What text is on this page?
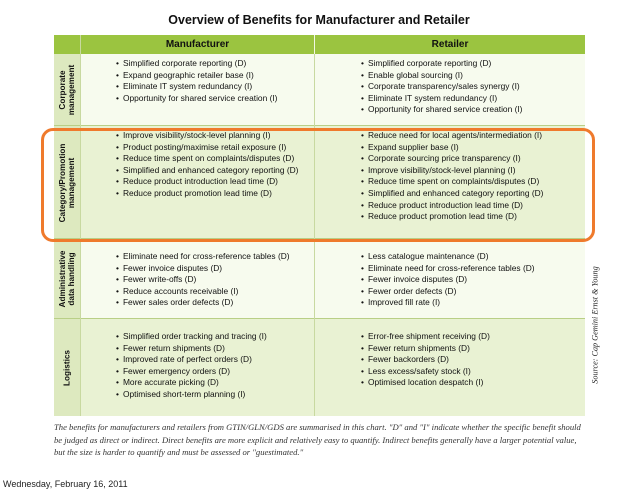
Overview of Benefits for Manufacturer and Retailer
Manufacturer	Retailer
Corporate management
• Simplified corporate reporting (D)
• Expand geographic retailer base (I)
• Eliminate IT system redundancy (I)
• Opportunity for shared service creation (I)
• Simplified corporate reporting (D)
• Enable global sourcing (I)
• Corporate transparency/sales synergy (I)
• Eliminate IT system redundancy (I)
• Opportunity for shared service creation (I)
Category/Promotion management
• Improve visibility/stock-level planning (I)
• Product posting/maximise retail exposure (I)
• Reduce time spent on complaints/disputes (D)
• Simplified and enhanced category reporting (D)
• Reduce product introduction lead time (D)
• Reduce product promotion lead time (D)
• Reduce need for local agents/intermediation (I)
• Expand supplier base (I)
• Corporate sourcing price transparency (I)
• Improve visibility/stock-level planning (I)
• Reduce time spent on complaints/disputes (D)
• Simplified and enhanced category reporting (D)
• Reduce product introduction lead time (D)
• Reduce product promotion lead time (D)
Administrative data handling
•	Eliminate need for cross-reference tables (D)
• Fewer invoice disputes (D)
• Fewer write-offs (D)
• Reduce accounts receivable (I)
• Fewer sales order defects (D)
• Less catalogue maintenance (D)
• Eliminate need for cross-reference tables (D)
• Fewer invoice disputes (D)
• Fewer order defects (D)
• Improved fill rate (I)
Logistics
• Simplified order tracking and tracing (I)
• Fewer return shipments (D)
• Improved rate of perfect orders (D)
• Fewer emergency orders (D)
• More accurate picking (D)
• Optimised short-term planning (I)
• Error-free shipment receiving (D)
• Fewer return shipments (D)
• Fewer backorders (D)
• Less excess/safety stock (I)
• Optimised location despatch (I)	Source: Cap Gemini Ernst & Young
The benefits for manufacturers and retailers from GTIN/GLN/GDS are summarised in this chart. "D" and "I" indicate whether the specific benefit should be judged as direct or indirect. Direct benefits are more explicit and relatively easy to quantify. Indirect benefits generally have a larger potential value, but the size is harder to quantify and must be assessed or "guestimated."
Wednesday, February 16, 2011
